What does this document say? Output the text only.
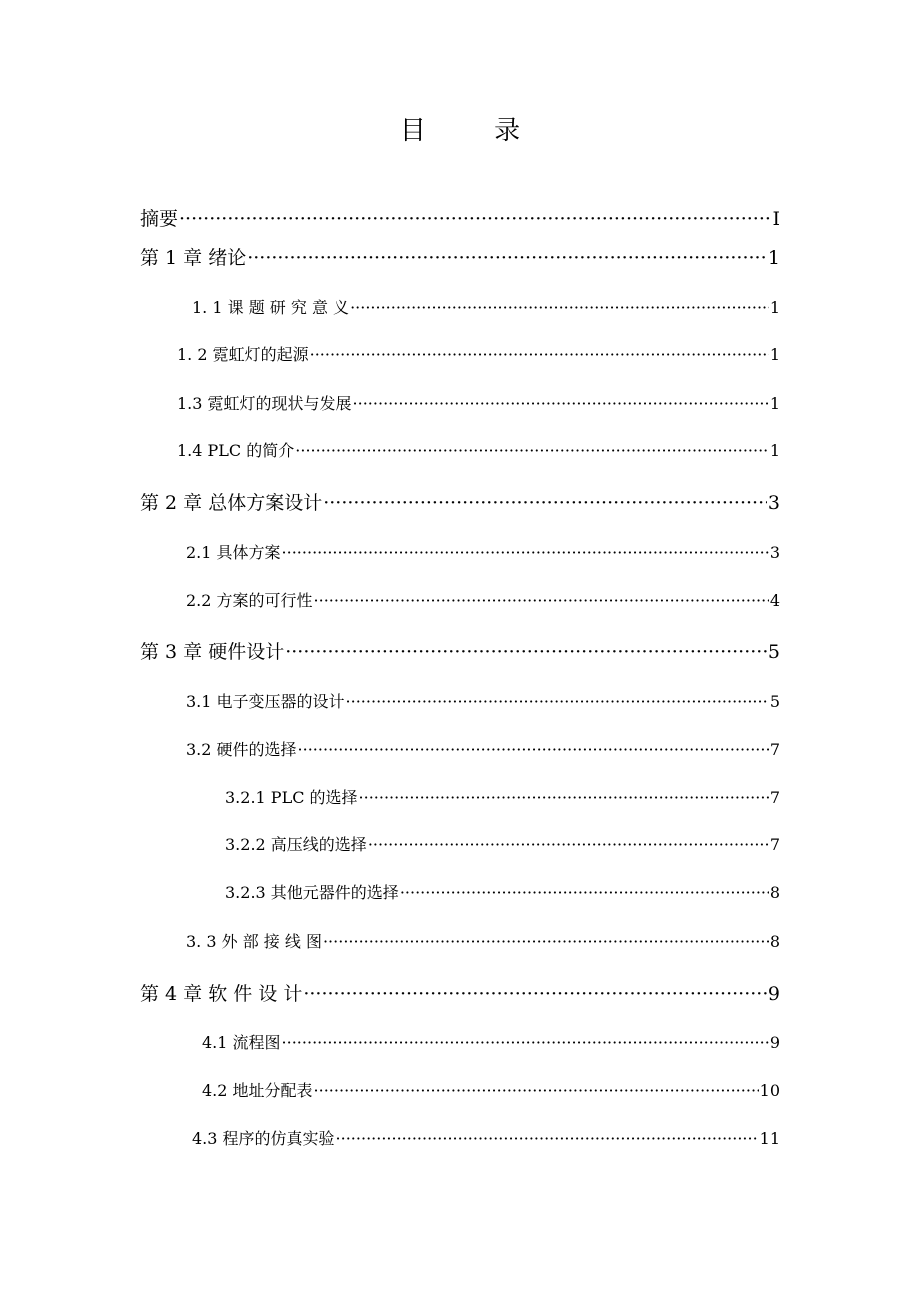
目 录
摘要 ·····	I
第 1 章 绪论 ·····	1
1. 1 课 题 研 究 意 义 ·····	1
1. 2 霓虹灯的起源 ·····	1
1.3 霓虹灯的现状与发展 ·····	1
1.4 PLC 的简介 ·····	1
第 2 章 总体方案设计 ·····	3
2.1 具体方案 ·····	3
2.2 方案的可行性 ·····	4
第 3 章 硬件设计 ·····	5
3.1 电子变压器的设计 ·····	5
3.2 硬件的选择 ·····	7
3.2.1 PLC 的选择 ·····	7
3.2.2 高压线的选择 ·····	7
3.2.3 其他元器件的选择 ·····	8
3. 3 外 部 接 线 图 ·····	8
第 4 章 软 件 设 计 ·····	9
4.1 流程图 ·····	9
4.2 地址分配表 ·····	10
4.3 程序的仿真实验 ·····	11
